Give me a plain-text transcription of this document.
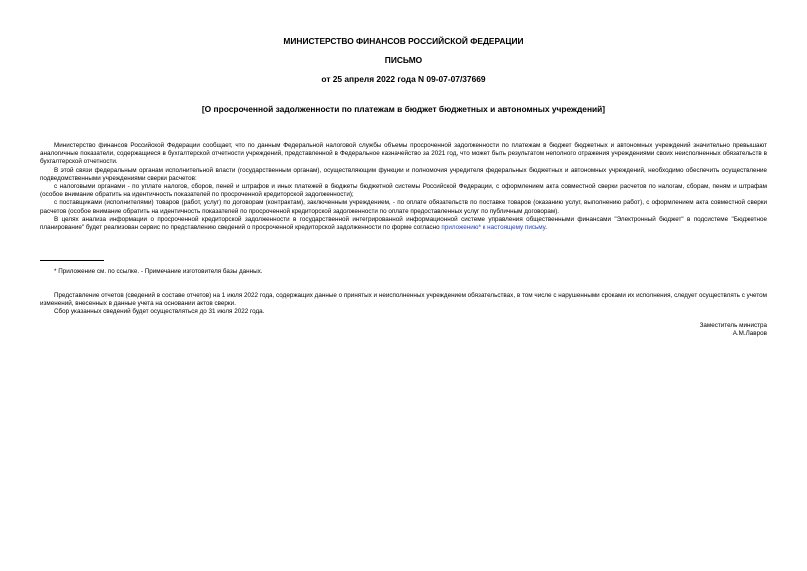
МИНИСТЕРСТВО ФИНАНСОВ РОССИЙСКОЙ ФЕДЕРАЦИИ
ПИСЬМО
от 25 апреля 2022 года N 09-07-07/37669
[О просроченной задолженности по платежам в бюджет бюджетных и автономных учреждений]

Министерство финансов Российской Федерации сообщает, что по данным Федеральной налоговой службы объемы просроченной задолженности по платежам в бюджет бюджетных и автономных учреждений значительно превышают аналогичные показатели, содержащиеся в бухгалтерской отчетности учреждений, представленной в Федеральное казначейство за 2021 год, что может быть результатом неполного отражения учреждениями своих неисполненных обязательств в бухгалтерской отчетности.

В этой связи федеральным органам исполнительной власти (государственным органам), осуществляющим функции и полномочия учредителя федеральных бюджетных и автономных учреждений, необходимо обеспечить осуществление подведомственными учреждениями сверки расчетов:

с налоговыми органами - по уплате налогов, сборов, пеней и штрафов и иных платежей в бюджеты бюджетной системы Российской Федерации, с оформлением акта совместной сверки расчетов по налогам, сборам, пеням и штрафам (особое внимание обратить на идентичность показателей по просроченной кредиторской задолженности);

с поставщиками (исполнителями) товаров (работ, услуг) по договорам (контрактам), заключенным учреждением, - по оплате обязательств по поставке товаров (оказанию услуг, выполнению работ), с оформлением акта совместной сверки расчетов (особое внимание обратить на идентичность показателей по просроченной кредиторской задолженности по оплате предоставленных услуг по публичным договорам).

В целях анализа информации о просроченной кредиторской задолженности в государственной интегрированной информационной системе управления общественными финансами "Электронный бюджет" в подсистеме "Бюджетное планирование" будет реализован сервис по представлению сведений о просроченной кредиторской задолженности по форме согласно приложению* к настоящему письму.

* Приложение см. по ссылке. - Примечание изготовителя базы данных.

Представление отчетов (сведений в составе отчетов) на 1 июля 2022 года, содержащих данные о принятых и неисполненных учреждением обязательствах, в том числе с нарушенными сроками их исполнения, следует осуществлять с учетом изменений, внесенных в данные учета на основании актов сверки.

Сбор указанных сведений будет осуществляться до 31 июля 2022 года.

Заместитель министра
А.М.Лавров
